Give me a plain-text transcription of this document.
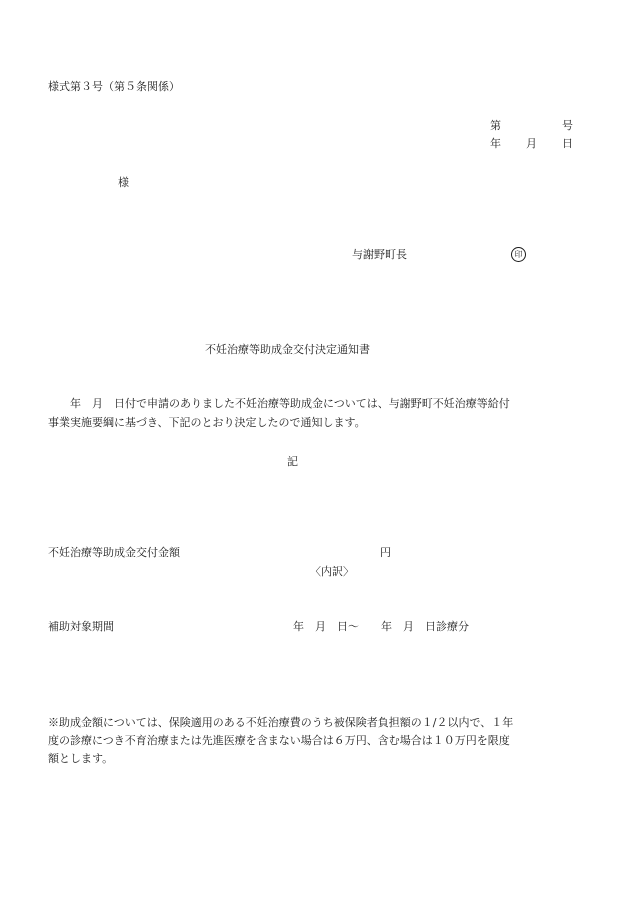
様式第３号（第５条関係）
第	号
年 月 日
様
与謝野町長	印
不妊治療等助成金交付決定通知書
年　月　日付で申請のありました不妊治療等助成金については、与謝野町不妊治療等給付
事業実施要綱に基づき、下記のとおり決定したので通知します。
記
不妊治療等助成金交付金額	円
〈内訳〉
補助対象期間	年　月　日～　　年　月　日診療分
※助成金額については、保険適用のある不妊治療費のうち被保険者負担額の１/２以内で、１年
度の診療につき不育治療または先進医療を含まない場合は６万円、含む場合は１０万円を限度
額とします。
